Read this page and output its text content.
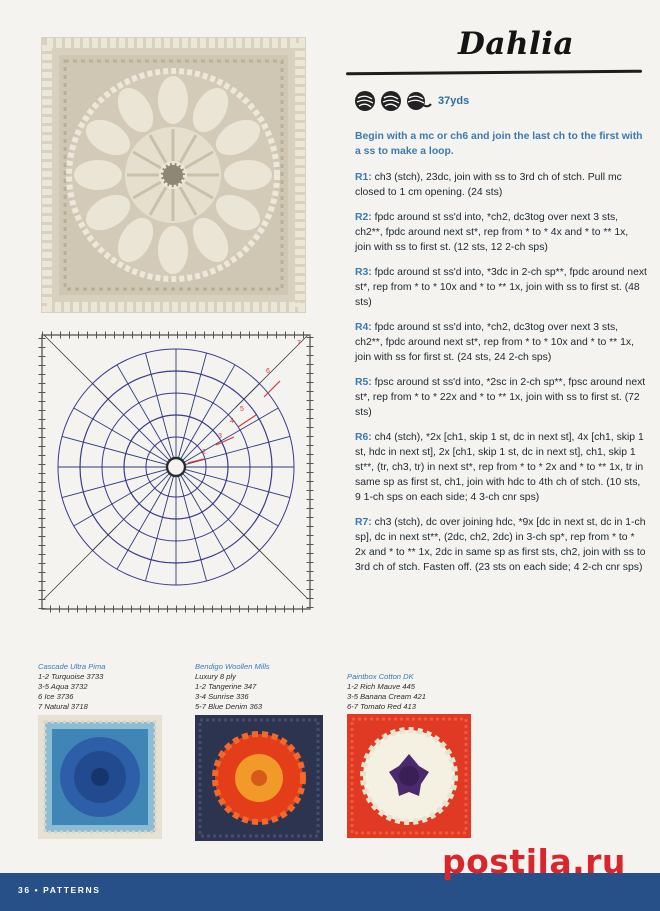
2
3
4
5
6
7
Dahlia
37yds
Begin with a mc or ch6 and join the last ch to the first with a ss to make a loop.
R1: ch3 (stch), 23dc, join with ss to 3rd ch of stch. Pull mc closed to 1 cm opening. (24 sts)
R2: fpdc around st ss'd into, *ch2, dc3tog over next 3 sts, ch2**, fpdc around next st*, rep from * to * 4x and * to ** 1x, join with ss to first st. (12 sts, 12 2-ch sps)
R3: fpdc around st ss'd into, *3dc in 2-ch sp**, fpdc around next st*, rep from * to * 10x and * to ** 1x, join with ss to first st. (48 sts)
R4: fpdc around st ss'd into, *ch2, dc3tog over next 3 sts, ch2**, fpdc around next st*, rep from * to * 10x and * to ** 1x, join with ss for first st. (24 sts, 24 2-ch sps)
R5: fpsc around st ss'd into, *2sc in 2-ch sp**, fpsc around next st*, rep from * to * 22x and * to ** 1x, join with ss to first st. (72 sts)
R6: ch4 (stch), *2x [ch1, skip 1 st, dc in next st], 4x [ch1, skip 1 st, hdc in next st], 2x [ch1, skip 1 st, dc in next st], ch1, skip 1 st**, (tr, ch3, tr) in next st*, rep from * to * 2x and * to ** 1x, tr in same sp as first st, ch1, join with hdc to 4th ch of stch. (10 sts, 9 1-ch sps on each side; 4 3-ch cnr sps)
R7: ch3 (stch), dc over joining hdc, *9x [dc in next st, dc in 1-ch sp], dc in next st**, (2dc, ch2, 2dc) in 3-ch sp*, rep from * to * 2x and * to ** 1x, 2dc in same sp as first sts, ch2, join with ss to 3rd ch of stch. Fasten off. (23 sts on each side; 4 2-ch cnr sps)
Cascade Ultra Pima
1-2 Turquoise 3733
3-5 Aqua 3732
6 Ice 3736
7 Natural 3718
Bendigo Woollen Mills
Luxury 8 ply
1-2 Tangerine 347
3-4 Sunrise 336
5-7 Blue Denim 363
Paintbox Cotton DK
1-2 Rich Mauve 445
3-5 Banana Cream 421
6-7 Tomato Red 413
36 • PATTERNS
postila.ru
